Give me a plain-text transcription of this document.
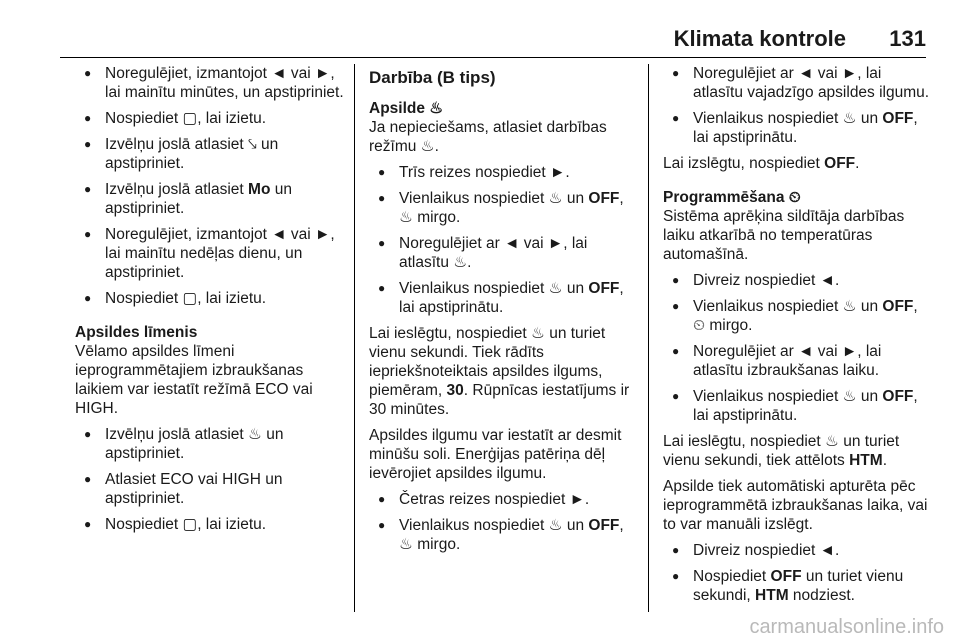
Klimata kontrole 131
● Noregulējiet, izmantojot ◄ vai ►, lai mainītu minūtes, un apstipriniet.
● Nospiediet ▢, lai izietu.
● Izvēlņu joslā atlasiet ⤥ un apstipriniet.
● Izvēlņu joslā atlasiet Mo un apstipriniet.
● Noregulējiet, izmantojot ◄ vai ►, lai mainītu nedēļas dienu, un apstipriniet.
● Nospiediet ▢, lai izietu.
Apsildes līmenis
Vēlamo apsildes līmeni ieprogrammētajiem izbraukšanas laikiem var iestatīt režīmā ECO vai HIGH.
● Izvēlņu joslā atlasiet ♨ un apstipriniet.
● Atlasiet ECO vai HIGH un apstipriniet.
● Nospiediet ▢, lai izietu.
Darbība (B tips)
Apsilde ♨
Ja nepieciešams, atlasiet darbības režīmu ♨.
● Trīs reizes nospiediet ►.
● Vienlaikus nospiediet ♨ un OFF, ♨ mirgo.
● Noregulējiet ar ◄ vai ►, lai atlasītu ♨.
● Vienlaikus nospiediet ♨ un OFF, lai apstiprinātu.
Lai ieslēgtu, nospiediet ♨ un turiet vienu sekundi. Tiek rādīts iepriekšnoteiktais apsildes ilgums,
piemēram, 30. Rūpnīcas iestatījums ir 30 minūtes.
Apsildes ilgumu var iestatīt ar desmit minūšu soli. Enerģijas patēriņa dēļ ievērojiet apsildes ilgumu.
● Četras reizes nospiediet ►.
● Vienlaikus nospiediet ♨ un OFF, ♨ mirgo.
● Noregulējiet ar ◄ vai ►, lai atlasītu vajadzīgo apsildes ilgumu.
● Vienlaikus nospiediet ♨ un OFF, lai apstiprinātu.
Lai izslēgtu, nospiediet OFF.
Programmēšana ⏲
Sistēma aprēķina sildītāja darbības laiku atkarībā no temperatūras automašīnā.
● Divreiz nospiediet ◄.
● Vienlaikus nospiediet ♨ un OFF, ⏲ mirgo.
● Noregulējiet ar ◄ vai ►, lai atlasītu izbraukšanas laiku.
● Vienlaikus nospiediet ♨ un OFF, lai apstiprinātu.
Lai ieslēgtu, nospiediet ♨ un turiet vienu sekundi, tiek attēlots HTM.
Apsilde tiek automātiski apturēta pēc ieprogrammētā izbraukšanas laika, vai to var manuāli izslēgt.
● Divreiz nospiediet ◄.
● Nospiediet OFF un turiet vienu sekundi, HTM nodziest.
carmanualsonline.info
